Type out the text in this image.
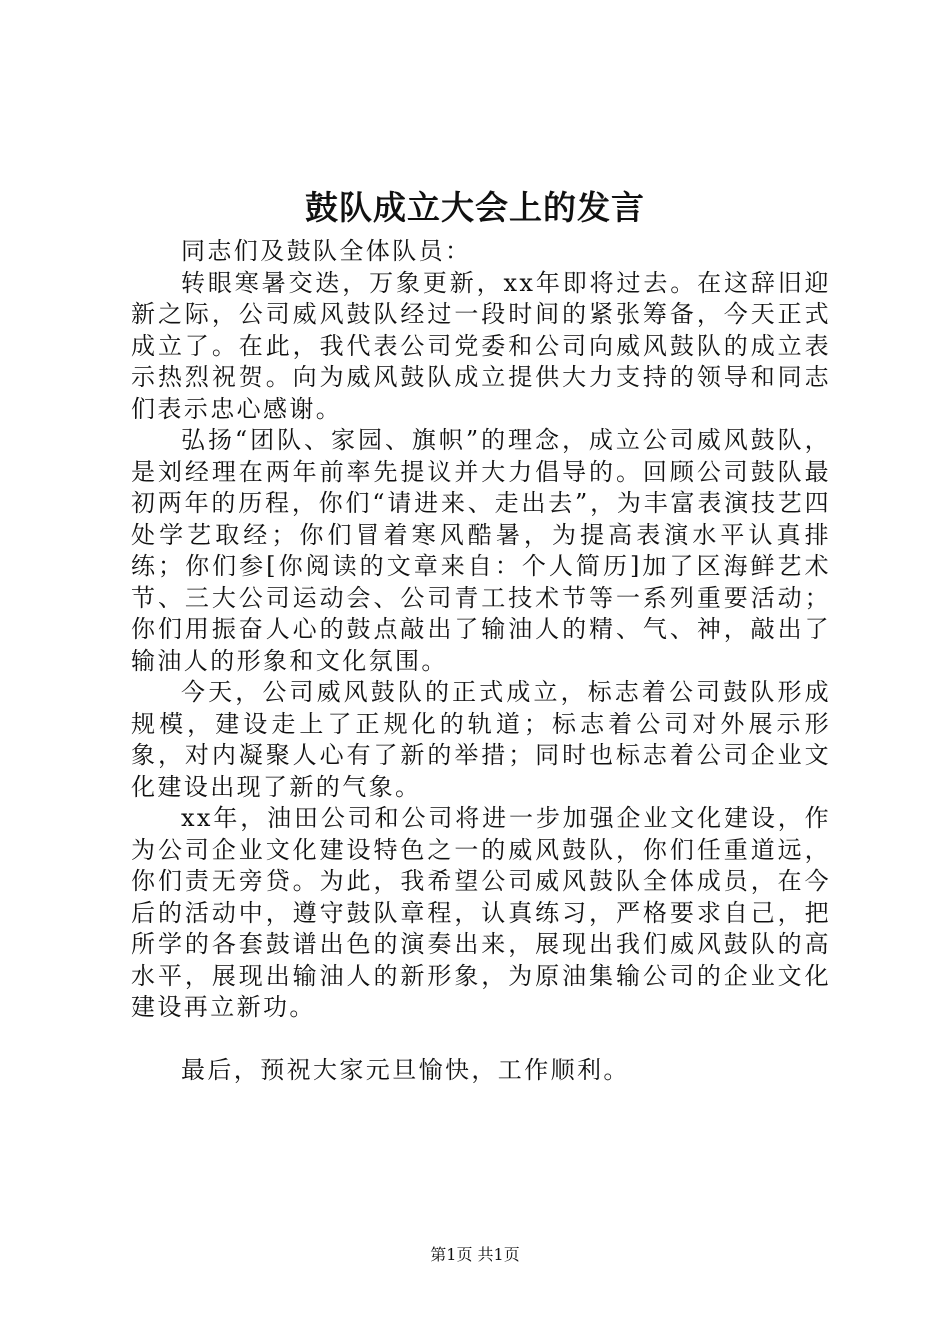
鼓队成立大会上的发言

同志们及鼓队全体队员：

转眼寒暑交迭，万象更新，xx年即将过去。在这辞旧迎新之际，公司威风鼓队经过一段时间的紧张筹备，今天正式成立了。在此，我代表公司党委和公司向威风鼓队的成立表示热烈祝贺。向为威风鼓队成立提供大力支持的领导和同志们表示忠心感谢。

弘扬“团队、家园、旗帜”的理念，成立公司威风鼓队，是刘经理在两年前率先提议并大力倡导的。回顾公司鼓队最初两年的历程，你们“请进来、走出去”，为丰富表演技艺四处学艺取经；你们冒着寒风酷暑，为提高表演水平认真排练；你们参[你阅读的文章来自：个人简历]加了区海鲜艺术节、三大公司运动会、公司青工技术节等一系列重要活动；你们用振奋人心的鼓点敲出了输油人的精、气、神，敲出了输油人的形象和文化氛围。

今天，公司威风鼓队的正式成立，标志着公司鼓队形成规模，建设走上了正规化的轨道；标志着公司对外展示形象，对内凝聚人心有了新的举措；同时也标志着公司企业文化建设出现了新的气象。

xx年，油田公司和公司将进一步加强企业文化建设，作为公司企业文化建设特色之一的威风鼓队，你们任重道远，你们责无旁贷。为此，我希望公司威风鼓队全体成员，在今后的活动中，遵守鼓队章程，认真练习，严格要求自己，把所学的各套鼓谱出色的演奏出来，展现出我们威风鼓队的高水平，展现出输油人的新形象，为原油集输公司的企业文化建设再立新功。

最后，预祝大家元旦愉快，工作顺利。

第1页 共1页
